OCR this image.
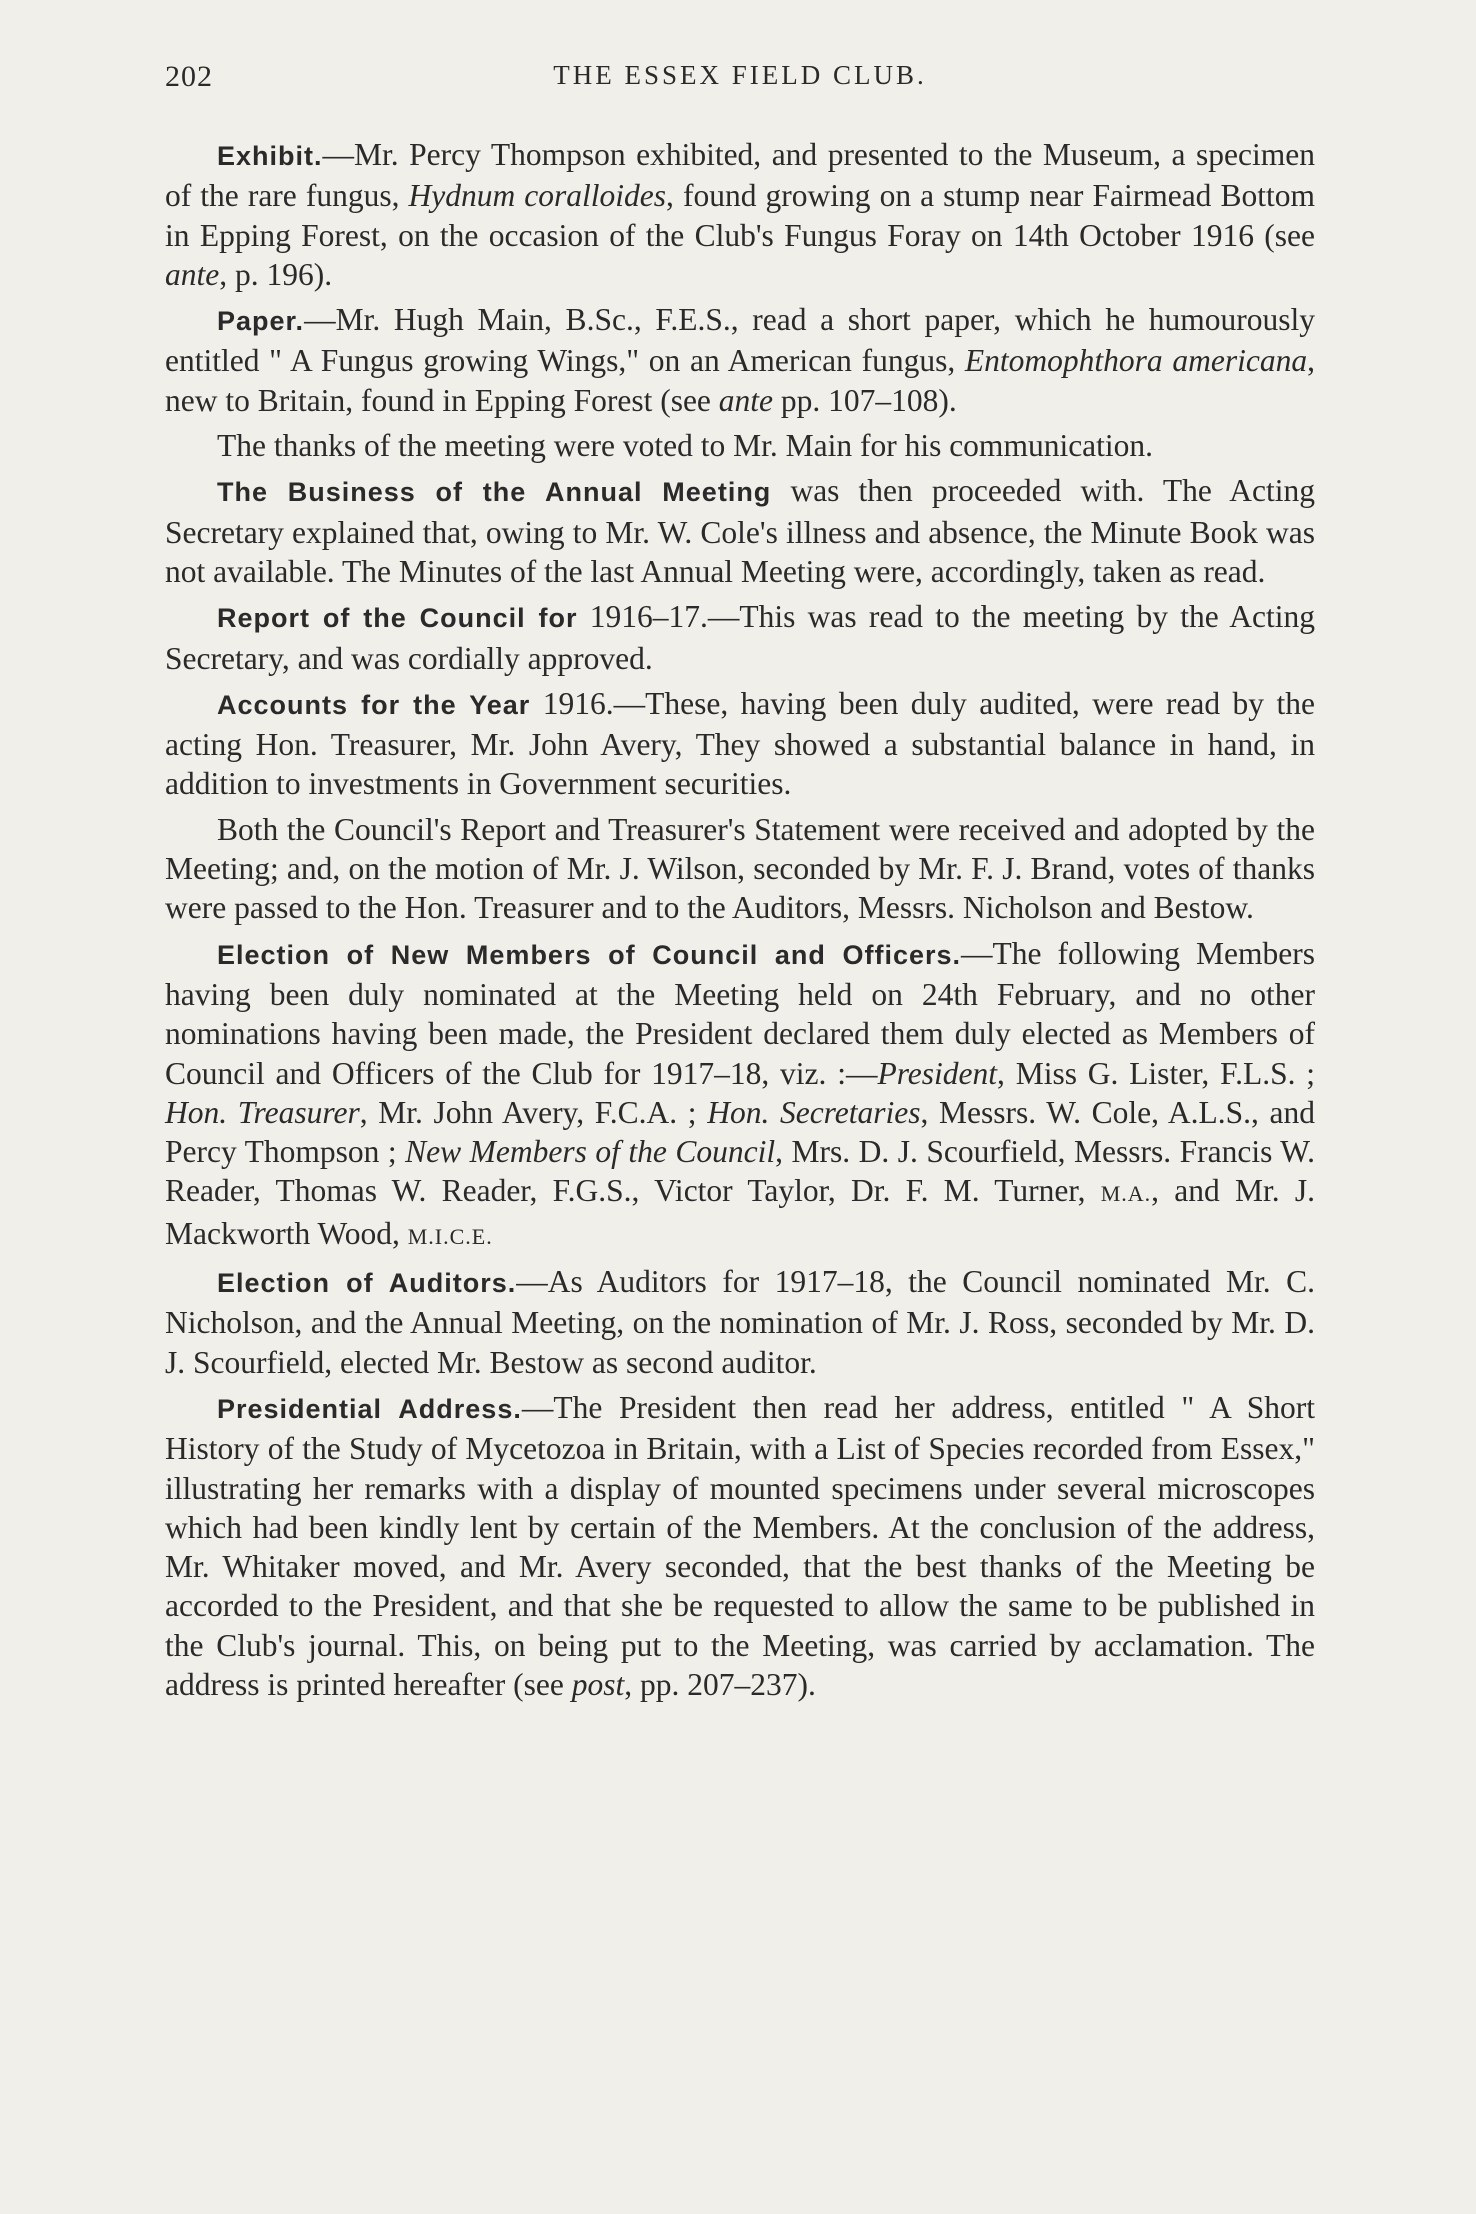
202	THE ESSEX FIELD CLUB.

Exhibit.—Mr. Percy Thompson exhibited, and presented to the Museum, a specimen of the rare fungus, Hydnum coralloides, found growing on a stump near Fairmead Bottom in Epping Forest, on the occasion of the Club's Fungus Foray on 14th October 1916 (see ante, p. 196).

Paper.—Mr. Hugh Main, B.Sc., F.E.S., read a short paper, which he humourously entitled " A Fungus growing Wings," on an American fungus, Entomophthora americana, new to Britain, found in Epping Forest (see ante pp. 107–108).

The thanks of the meeting were voted to Mr. Main for his communication.

The Business of the Annual Meeting was then proceeded with. The Acting Secretary explained that, owing to Mr. W. Cole's illness and absence, the Minute Book was not available. The Minutes of the last Annual Meeting were, accordingly, taken as read.

Report of the Council for 1916–17.—This was read to the meeting by the Acting Secretary, and was cordially approved.

Accounts for the Year 1916.—These, having been duly audited, were read by the acting Hon. Treasurer, Mr. John Avery, They showed a substantial balance in hand, in addition to investments in Government securities.

Both the Council's Report and Treasurer's Statement were received and adopted by the Meeting; and, on the motion of Mr. J. Wilson, seconded by Mr. F. J. Brand, votes of thanks were passed to the Hon. Treasurer and to the Auditors, Messrs. Nicholson and Bestow.

Election of New Members of Council and Officers.—The following Members having been duly nominated at the Meeting held on 24th February, and no other nominations having been made, the President declared them duly elected as Members of Council and Officers of the Club for 1917–18, viz. :—President, Miss G. Lister, F.L.S. ; Hon. Treasurer, Mr. John Avery, F.C.A. ; Hon. Secretaries, Messrs. W. Cole, A.L.S., and Percy Thompson ; New Members of the Council, Mrs. D. J. Scourfield, Messrs. Francis W. Reader, Thomas W. Reader, F.G.S., Victor Taylor, Dr. F. M. Turner, M.A., and Mr. J. Mackworth Wood, M.I.C.E.

Election of Auditors.—As Auditors for 1917–18, the Council nominated Mr. C. Nicholson, and the Annual Meeting, on the nomination of Mr. J. Ross, seconded by Mr. D. J. Scourfield, elected Mr. Bestow as second auditor.

Presidential Address.—The President then read her address, entitled " A Short History of the Study of Mycetozoa in Britain, with a List of Species recorded from Essex," illustrating her remarks with a display of mounted specimens under several microscopes which had been kindly lent by certain of the Members. At the conclusion of the address, Mr. Whitaker moved, and Mr. Avery seconded, that the best thanks of the Meeting be accorded to the President, and that she be requested to allow the same to be published in the Club's journal. This, on being put to the Meeting, was carried by acclamation. The address is printed hereafter (see post, pp. 207–237).
